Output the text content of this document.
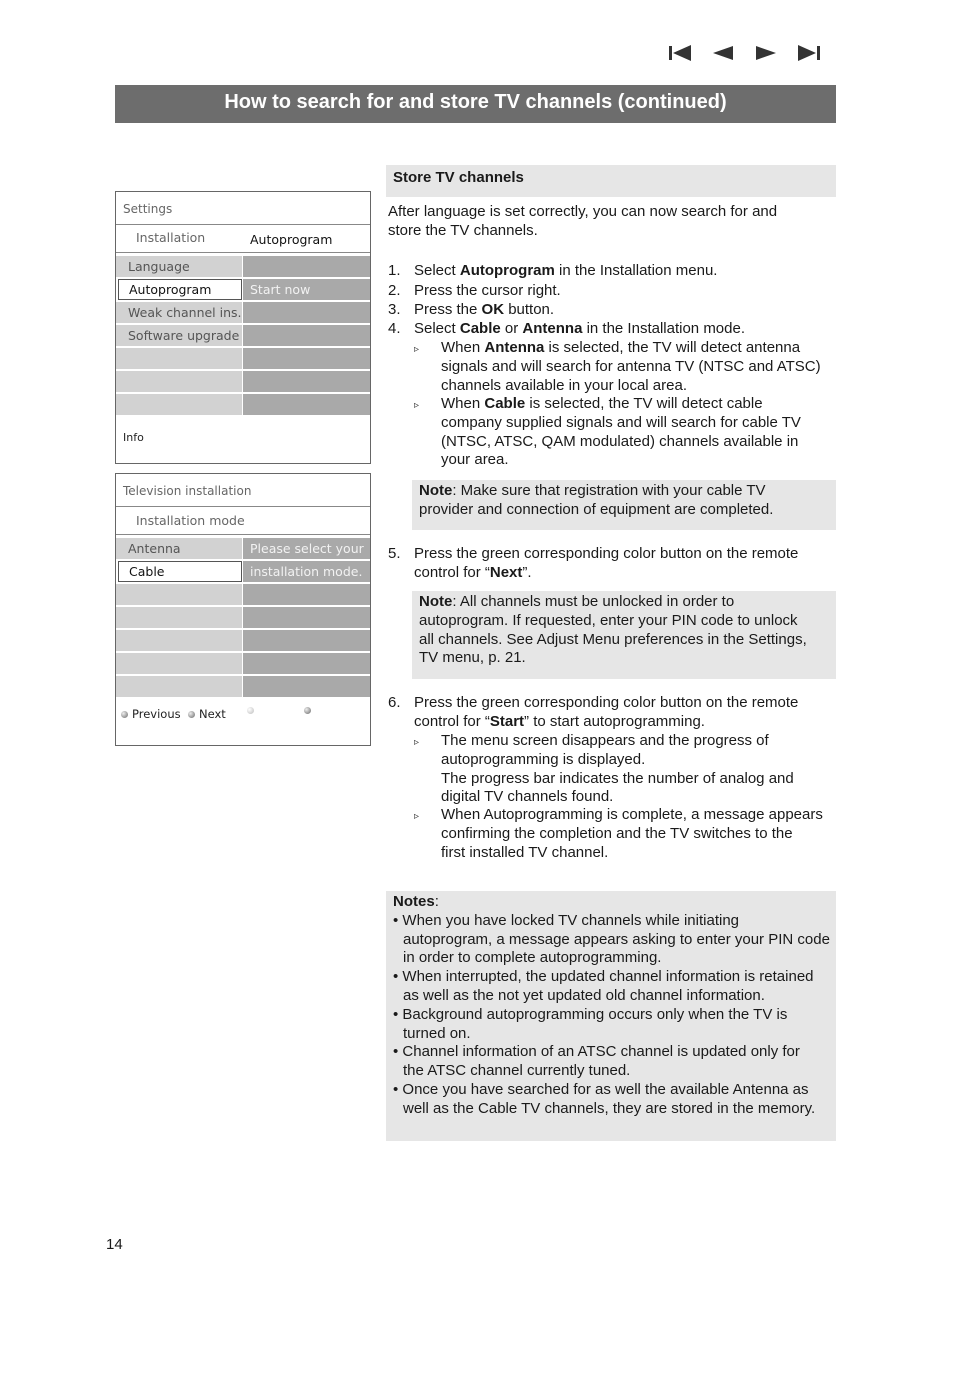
How to search for and store TV channels (continued)
Settings
Installation	Autoprogram
Language
Autoprogram	Start now
Weak channel ins.
Software upgrade
Info
Television installation
Installation mode
Antenna	Please select your
Cable	installation mode.
Previous Next
Store TV channels
After language is set correctly, you can now search for and
store the TV channels.
1. Select Autoprogram in the Installation menu.
2. Press the cursor right.
3. Press the OK button.
4. Select Cable or Antenna in the Installation mode.
▹ When Antenna is selected, the TV will detect antenna
signals and will search for antenna TV (NTSC and ATSC)
channels available in your local area.
▹ When Cable is selected, the TV will detect cable
company supplied signals and will search for cable TV
(NTSC, ATSC, QAM modulated) channels available in
your area.
Note: Make sure that registration with your cable TV
provider and connection of equipment are completed.
5. Press the green corresponding color button on the remote
control for “Next”.
Note: All channels must be unlocked in order to
autoprogram. If requested, enter your PIN code to unlock
all channels. See Adjust Menu preferences in the Settings,
TV menu, p. 21.
6. Press the green corresponding color button on the remote
control for “Start” to start autoprogramming.
▹ The menu screen disappears and the progress of
autoprogramming is displayed.
The progress bar indicates the number of analog and
digital TV channels found.
▹ When Autoprogramming is complete, a message appears
confirming the completion and the TV switches to the
first installed TV channel.
Notes:
• When you have locked TV channels while initiating
autoprogram, a message appears asking to enter your PIN code
in order to complete autoprogramming.
• When interrupted, the updated channel information is retained
as well as the not yet updated old channel information.
• Background autoprogramming occurs only when the TV is
turned on.
• Channel information of an ATSC channel is updated only for
the ATSC channel currently tuned.
• Once you have searched for as well the available Antenna as
well as the Cable TV channels, they are stored in the memory.
14
